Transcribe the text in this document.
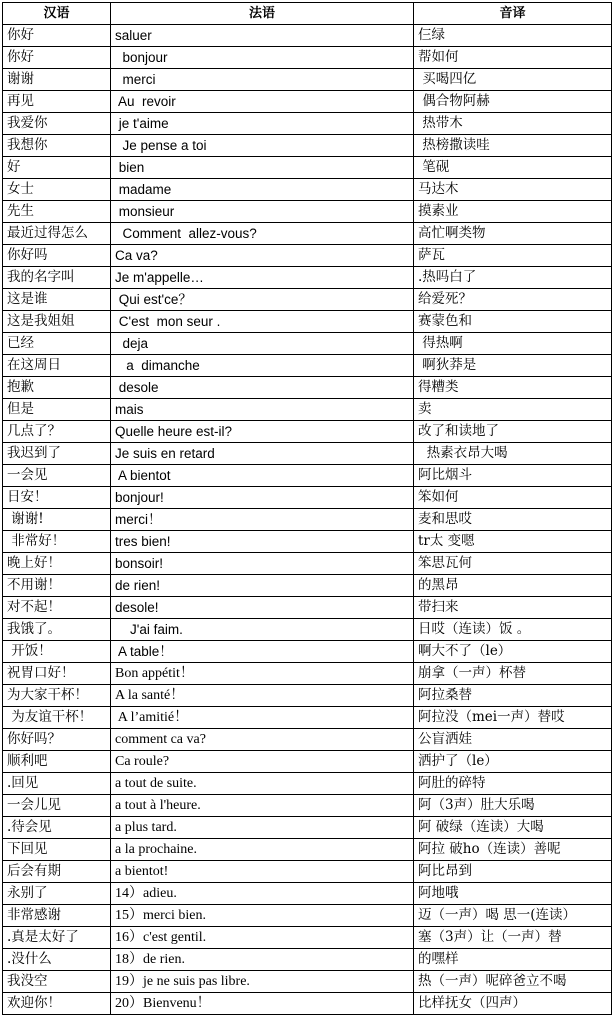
汉语	法语	音译
你好	saluer	仨绿
你好	bonjour	帮如何
谢谢	merci	买喝四亿
再见	Au  revoir	偶合物阿赫
我爱你	je t'aime	热带木
我想你	Je pense a toi	热榜撒读哇
好	bien	笔砚
女士	madame	马达木
先生	monsieur	摸素业
最近过得怎么	Comment  allez-vous?	高忙啊类物
你好吗	Ca va?	萨瓦
我的名字叫	Je m'appelle…	.热吗白了
这是谁	Qui est'ce？	给爱死？
这是我姐姐	C'est  mon seur .	赛蒙色和
已经	deja	得热啊
在这周日	a  dimanche	啊狄莽是
抱歉	desole	得糟类
但是	mais	卖
几点了？	Quelle heure est-il?	改了和读地了
我迟到了	Je suis en retard	热素衣昂大喝
一会见	A bientot	阿比烟斗
日安！	bonjour!	笨如何
谢谢!	merci！	麦和思哎
非常好！	tres bien!	tr太 变嗯
晚上好！	bonsoir!	笨思瓦何
不用谢！	de rien!	的黑昂
对不起！	desole!	带扫来
我饿了。	J'ai faim.	日哎（连读）饭 。
开饭！	A table！	啊大不了（le）
祝胃口好！	Bon appétit！	崩拿（一声）杯替
为大家干杯！	A la santé！	阿拉桑替
为友谊干杯！	A l’amitié！	阿拉没（mei一声）替哎
你好吗？	comment ca va?	公盲洒娃
顺利吧	Ca roule?	洒护了（le）
.回见	a tout de suite.	阿肚的碎特
一会儿见	a tout à l'heure.	阿（3声）肚大乐喝
.待会见	a plus tard.	阿 破绿（连读）大喝
下回见	a la prochaine.	阿拉 破ho（连读）善呢
后会有期	a bientot!	阿比昂到
永别了	14）adieu.	阿地哦
非常感谢	15）merci bien.	迈（一声）喝 思一(连读）
.真是太好了	16）c'est gentil.	塞（3声）让（一声）替
.没什么	18）de rien.	的嘿样
我没空	19）je ne suis pas libre.	热（一声）呢碎爸立不喝
欢迎你！	20）Bienvenu！	比样抚女（四声）
